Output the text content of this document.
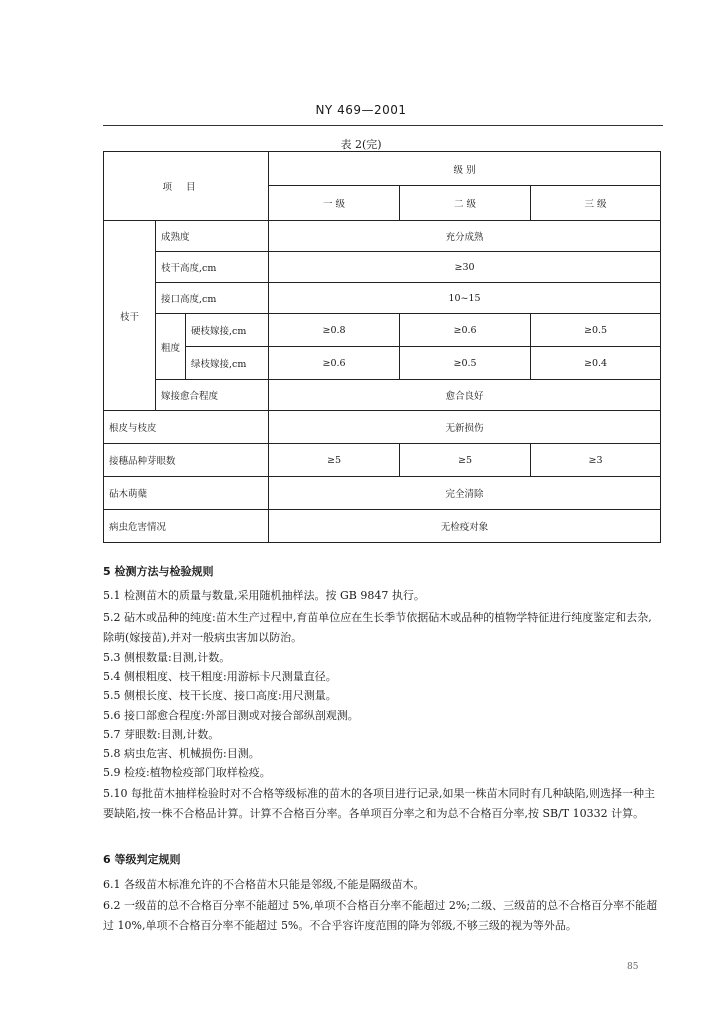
NY 469—2001
表 2(完)
项目			级 别		
			一 级	二 级	三 级
枝干	成熟度		充分成熟		
	枝干高度,cm		≥30		
	接口高度,cm		10~15		
	粗度	硬枝嫁接,cm	≥0.8	≥0.6	≥0.5
		绿枝嫁接,cm	≥0.6	≥0.5	≥0.4
	嫁接愈合程度		愈合良好		
根皮与枝皮			无新损伤		
接穗品种芽眼数			≥5	≥5	≥3
砧木萌蘖			完全清除		
病虫危害情况			无检疫对象		
5 检测方法与检验规则

5.1 检测苗木的质量与数量,采用随机抽样法。按 GB 9847 执行。

5.2 砧木或品种的纯度:苗木生产过程中,育苗单位应在生长季节依据砧木或品种的植物学特征进行纯度鉴定和去杂,除萌(嫁接苗),并对一般病虫害加以防治。

5.3 侧根数量:目测,计数。

5.4 侧根粗度、枝干粗度:用游标卡尺测量直径。

5.5 侧根长度、枝干长度、接口高度:用尺测量。

5.6 接口部愈合程度:外部目测或对接合部纵剖观测。

5.7 芽眼数:目测,计数。

5.8 病虫危害、机械损伤:目测。

5.9 检疫:植物检疫部门取样检疫。

5.10 每批苗木抽样检验时对不合格等级标准的苗木的各项目进行记录,如果一株苗木同时有几种缺陷,则选择一种主要缺陷,按一株不合格品计算。计算不合格百分率。各单项百分率之和为总不合格百分率,按 SB/T 10332 计算。

6 等级判定规则

6.1 各级苗木标准允许的不合格苗木只能是邻级,不能是隔级苗木。

6.2 一级苗的总不合格百分率不能超过 5%,单项不合格百分率不能超过 2%;二级、三级苗的总不合格百分率不能超过 10%,单项不合格百分率不能超过 5%。不合乎容许度范围的降为邻级,不够三级的视为等外品。

85
